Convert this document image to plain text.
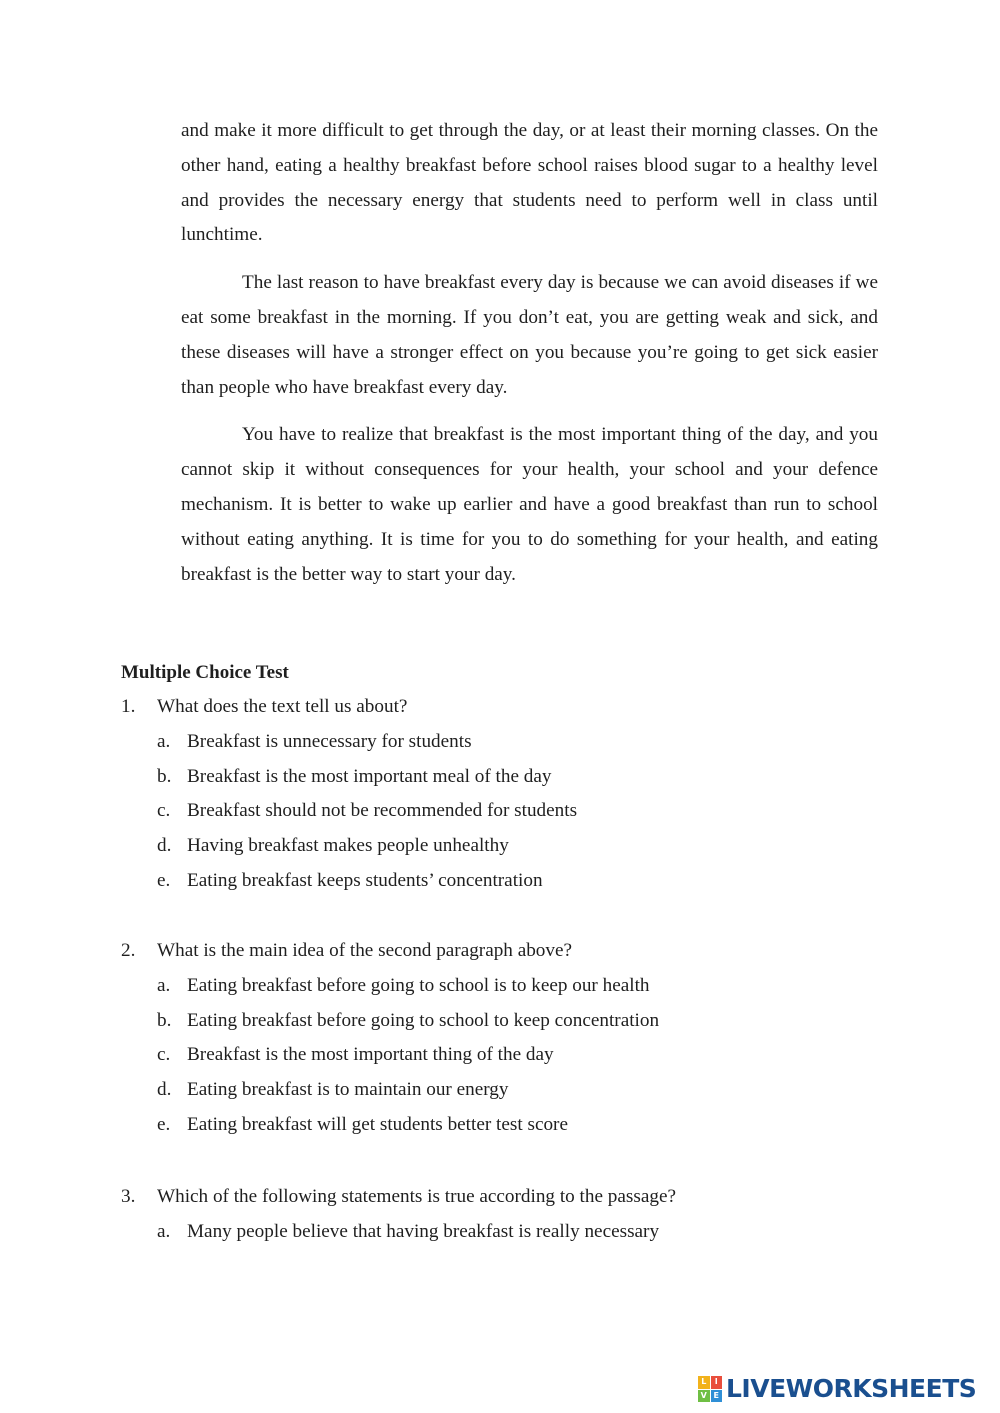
and make it more difficult to get through the day, or at least their morning classes. On the other hand, eating a healthy breakfast before school raises blood sugar to a healthy level and provides the necessary energy that students need to perform well in class until lunchtime.

The last reason to have breakfast every day is because we can avoid diseases if we eat some breakfast in the morning. If you don’t eat, you are getting weak and sick, and these diseases will have a stronger effect on you because you’re going to get sick easier than people who have breakfast every day.

You have to realize that breakfast is the most important thing of the day, and you cannot skip it without consequences for your health, your school and your defence mechanism. It is better to wake up earlier and have a good breakfast than run to school without eating anything. It is time for you to do something for your health, and eating breakfast is the better way to start your day.

Multiple Choice Test
1.	What does the text tell us about?
a. Breakfast is unnecessary for students
b. Breakfast is the most important meal of the day
c. Breakfast should not be recommended for students
d. Having breakfast makes people unhealthy
e. Eating breakfast keeps students’ concentration
2.	What is the main idea of the second paragraph above?
a. Eating breakfast before going to school is to keep our health
b. Eating breakfast before going to school to keep concentration
c. Breakfast is the most important thing of the day
d. Eating breakfast is to maintain our energy
e. Eating breakfast will get students better test score
3.	Which of the following statements is true according to the passage?
a. Many people believe that having breakfast is really necessary
L	I
V E LIVEWORKSHEETS
